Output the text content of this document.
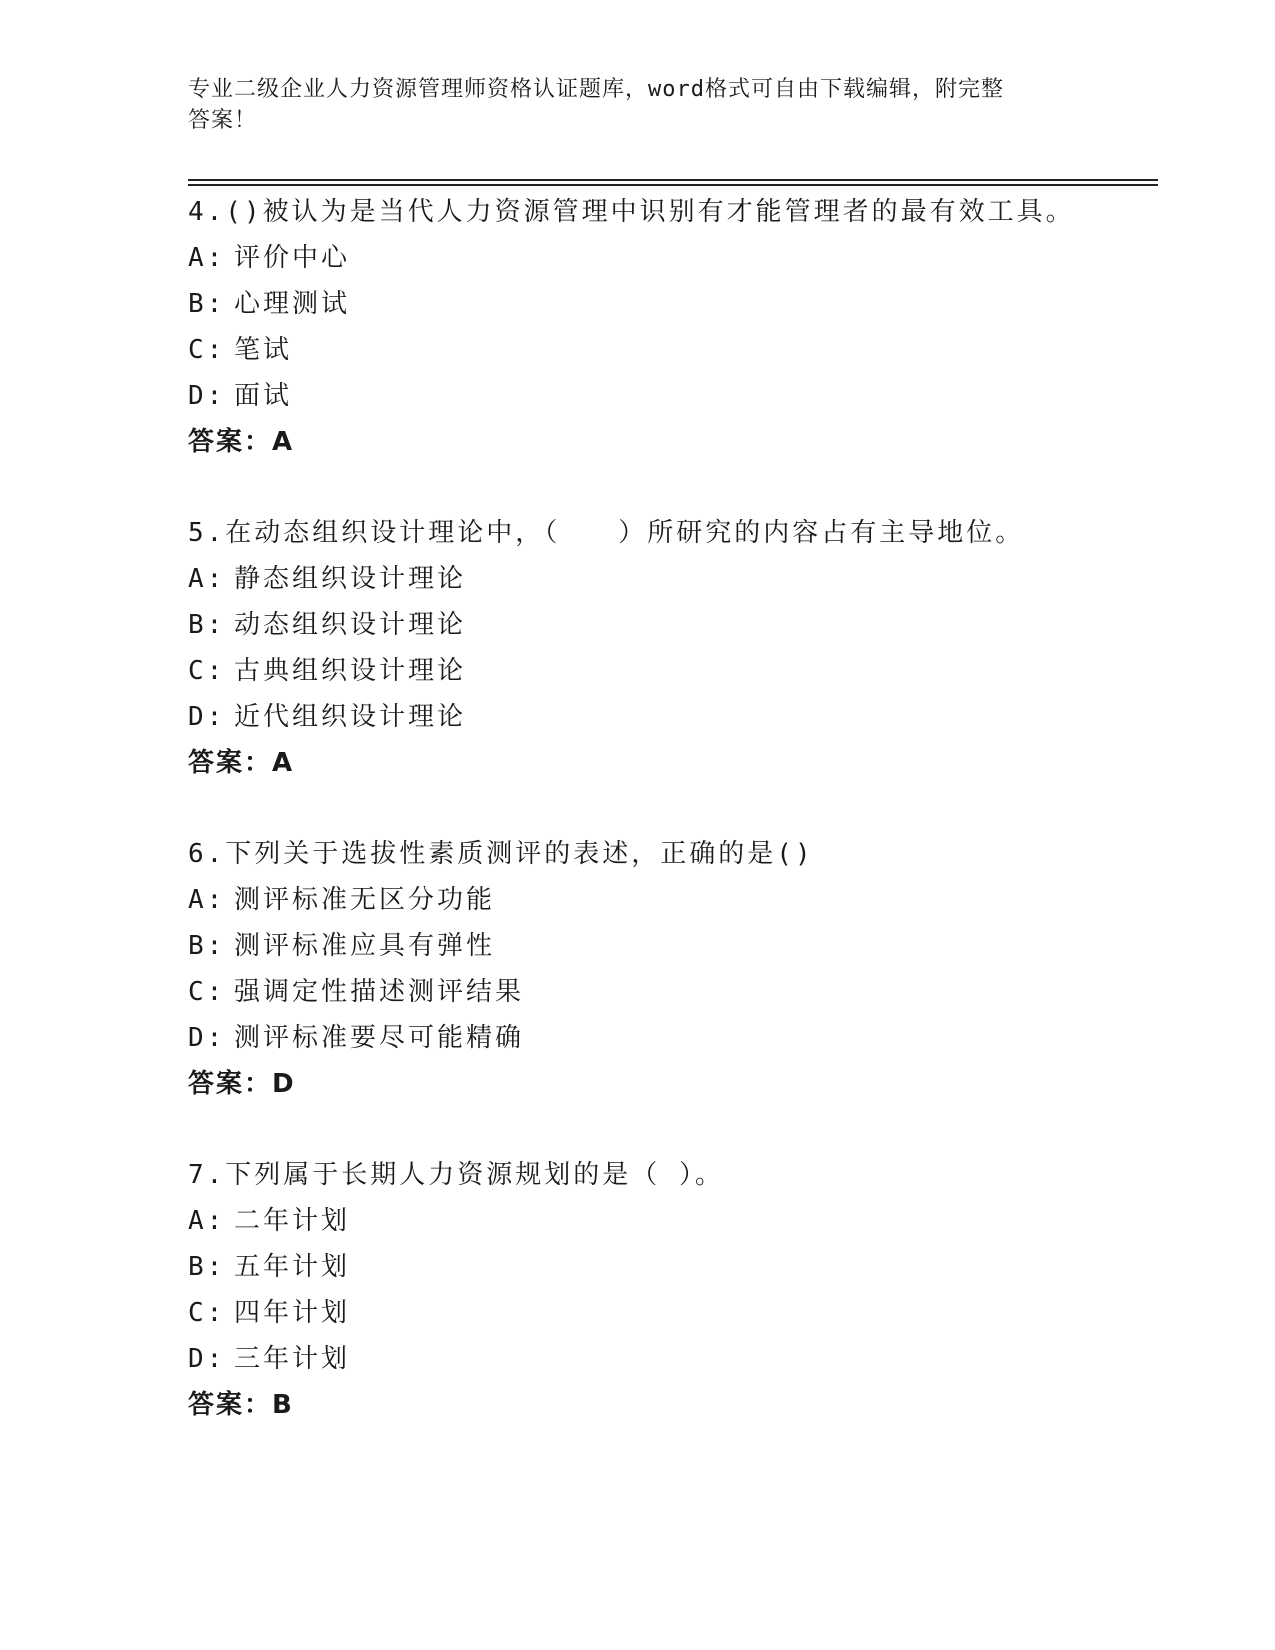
专业二级企业人力资源管理师资格认证题库，word格式可自由下载编辑，附完整
答案！
4.()被认为是当代人力资源管理中识别有才能管理者的最有效工具。
A: 评价中心
B: 心理测试
C: 笔试
D: 面试
答案：A
5.在动态组织设计理论中，（　　）所研究的内容占有主导地位。
A: 静态组织设计理论
B: 动态组织设计理论
C: 古典组织设计理论
D: 近代组织设计理论
答案：A
6.下列关于选拔性素质测评的表述，正确的是()
A: 测评标准无区分功能
B: 测评标准应具有弹性
C: 强调定性描述测评结果
D: 测评标准要尽可能精确
答案：D
7.下列属于长期人力资源规划的是（ ）。
A: 二年计划
B: 五年计划
C: 四年计划
D: 三年计划
答案：B
